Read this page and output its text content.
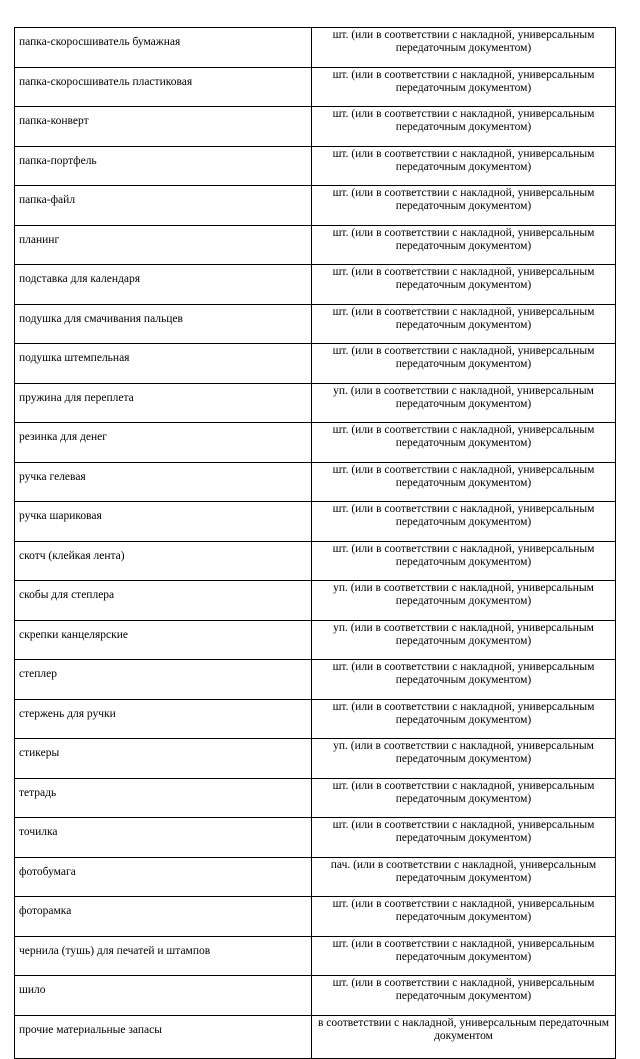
папка-скоросшиватель бумажная	шт. (или в соответствии с накладной, универсальным передаточным документом)
папка-скоросшиватель пластиковая	шт. (или в соответствии с накладной, универсальным передаточным документом)
папка-конверт	шт. (или в соответствии с накладной, универсальным передаточным документом)
папка-портфель	шт. (или в соответствии с накладной, универсальным передаточным документом)
папка-файл	шт. (или в соответствии с накладной, универсальным передаточным документом)
планинг	шт. (или в соответствии с накладной, универсальным передаточным документом)
подставка для календаря	шт. (или в соответствии с накладной, универсальным передаточным документом)
подушка для смачивания пальцев	шт. (или в соответствии с накладной, универсальным передаточным документом)
подушка штемпельная	шт. (или в соответствии с накладной, универсальным передаточным документом)
пружина для переплета	уп. (или в соответствии с накладной, универсальным передаточным документом)
резинка для денег	шт. (или в соответствии с накладной, универсальным передаточным документом)
ручка гелевая	шт. (или в соответствии с накладной, универсальным передаточным документом)
ручка шариковая	шт. (или в соответствии с накладной, универсальным передаточным документом)
скотч (клейкая лента)	шт. (или в соответствии с накладной, универсальным передаточным документом)
скобы для степлера	уп. (или в соответствии с накладной, универсальным передаточным документом)
скрепки канцелярские	уп. (или в соответствии с накладной, универсальным передаточным документом)
степлер	шт. (или в соответствии с накладной, универсальным передаточным документом)
стержень для ручки	шт. (или в соответствии с накладной, универсальным передаточным документом)
стикеры	уп. (или в соответствии с накладной, универсальным передаточным документом)
тетрадь	шт. (или в соответствии с накладной, универсальным передаточным документом)
точилка	шт. (или в соответствии с накладной, универсальным передаточным документом)
фотобумага	пач. (или в соответствии с накладной, универсальным передаточным документом)
фоторамка	шт. (или в соответствии с накладной, универсальным передаточным документом)
чернила (тушь) для печатей и штампов	шт. (или в соответствии с накладной, универсальным передаточным документом)
шило	шт. (или в соответствии с накладной, универсальным передаточным документом)
прочие материальные запасы	в соответствии с накладной, универсальным передаточным документом
